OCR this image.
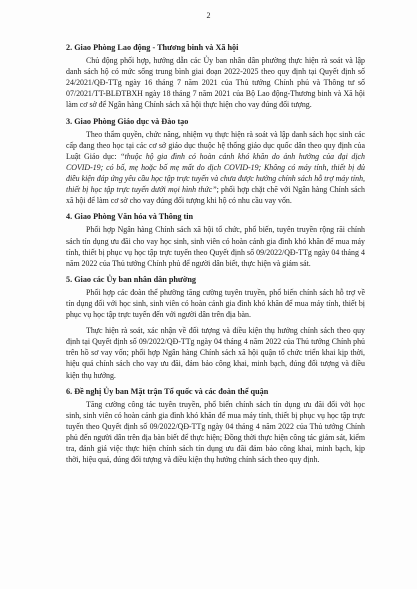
2

2. Giao Phòng Lao động - Thương binh và Xã hội

Chủ động phối hợp, hướng dẫn các Ủy ban nhân dân phường thực hiện rà soát và lập danh sách hộ có mức sống trung bình giai đoạn 2022-2025 theo quy định tại Quyết định số 24/2021/QĐ-TTg ngày 16 tháng 7 năm 2021 của Thủ tướng Chính phủ và Thông tư số 07/2021/TT-BLĐTBXH ngày 18 tháng 7 năm 2021 của Bộ Lao động-Thương binh và Xã hội làm cơ sở để Ngân hàng Chính sách xã hội thực hiện cho vay đúng đối tượng.

3. Giao Phòng Giáo dục và Đào tạo

Theo thẩm quyền, chức năng, nhiệm vụ thực hiện rà soát và lập danh sách học sinh các cấp đang theo học tại các cơ sở giáo dục thuộc hệ thống giáo dục quốc dân theo quy định của Luật Giáo dục: “thuộc hộ gia đình có hoàn cảnh khó khăn do ảnh hưởng của đại dịch COVID-19; có bố, mẹ hoặc bố mẹ mất do dịch COVID-19; Không có máy tính, thiết bị đủ điều kiện đáp ứng yêu cầu học tập trực tuyến và chưa được hưởng chính sách hỗ trợ máy tính, thiết bị học tập trực tuyến dưới mọi hình thức”; phối hợp chặt chẽ với Ngân hàng Chính sách xã hội để làm cơ sở cho vay đúng đối tượng khi hộ có nhu cầu vay vốn.

4. Giao Phòng Văn hóa và Thông tin

Phối hợp Ngân hàng Chính sách xã hội tổ chức, phổ biến, tuyên truyền rộng rãi chính sách tín dụng ưu đãi cho vay học sinh, sinh viên có hoàn cảnh gia đình khó khăn để mua máy tính, thiết bị phục vụ học tập trực tuyến theo Quyết định số 09/2022/QĐ-TTg ngày 04 tháng 4 năm 2022 của Thủ tướng Chính phủ để người dân biết, thực hiện và giám sát.

5. Giao các Ủy ban nhân dân phường

Phối hợp các đoàn thể phường tăng cường tuyên truyền, phổ biến chính sách hỗ trợ về tín dụng đối với học sinh, sinh viên có hoàn cảnh gia đình khó khăn để mua máy tính, thiết bị phục vụ học tập trực tuyến đến với người dân trên địa bàn.

Thực hiện rà soát, xác nhận về đối tượng và điều kiện thụ hưởng chính sách theo quy định tại Quyết định số 09/2022/QĐ-TTg ngày 04 tháng 4 năm 2022 của Thủ tướng Chính phủ trên hồ sơ vay vốn; phối hợp Ngân hàng Chính sách xã hội quận tổ chức triển khai kịp thời, hiệu quả chính sách cho vay ưu đãi, đảm bảo công khai, minh bạch, đúng đối tượng và điều kiện thụ hưởng.

6. Đề nghị Ủy ban Mặt trận Tổ quốc và các đoàn thể quận

Tăng cường công tác tuyên truyền, phổ biến chính sách tín dụng ưu đãi đối với học sinh, sinh viên có hoàn cảnh gia đình khó khăn để mua máy tính, thiết bị phục vụ học tập trực tuyến theo Quyết định số 09/2022/QĐ-TTg ngày 04 tháng 4 năm 2022 của Thủ tướng Chính phủ đến người dân trên địa bàn biết để thực hiện; Đồng thời thực hiện công tác giám sát, kiểm tra, đánh giá việc thực hiện chính sách tín dụng ưu đãi đảm bảo công khai, minh bạch, kịp thời, hiệu quả, đúng đối tượng và điều kiện thụ hưởng chính sách theo quy định.
